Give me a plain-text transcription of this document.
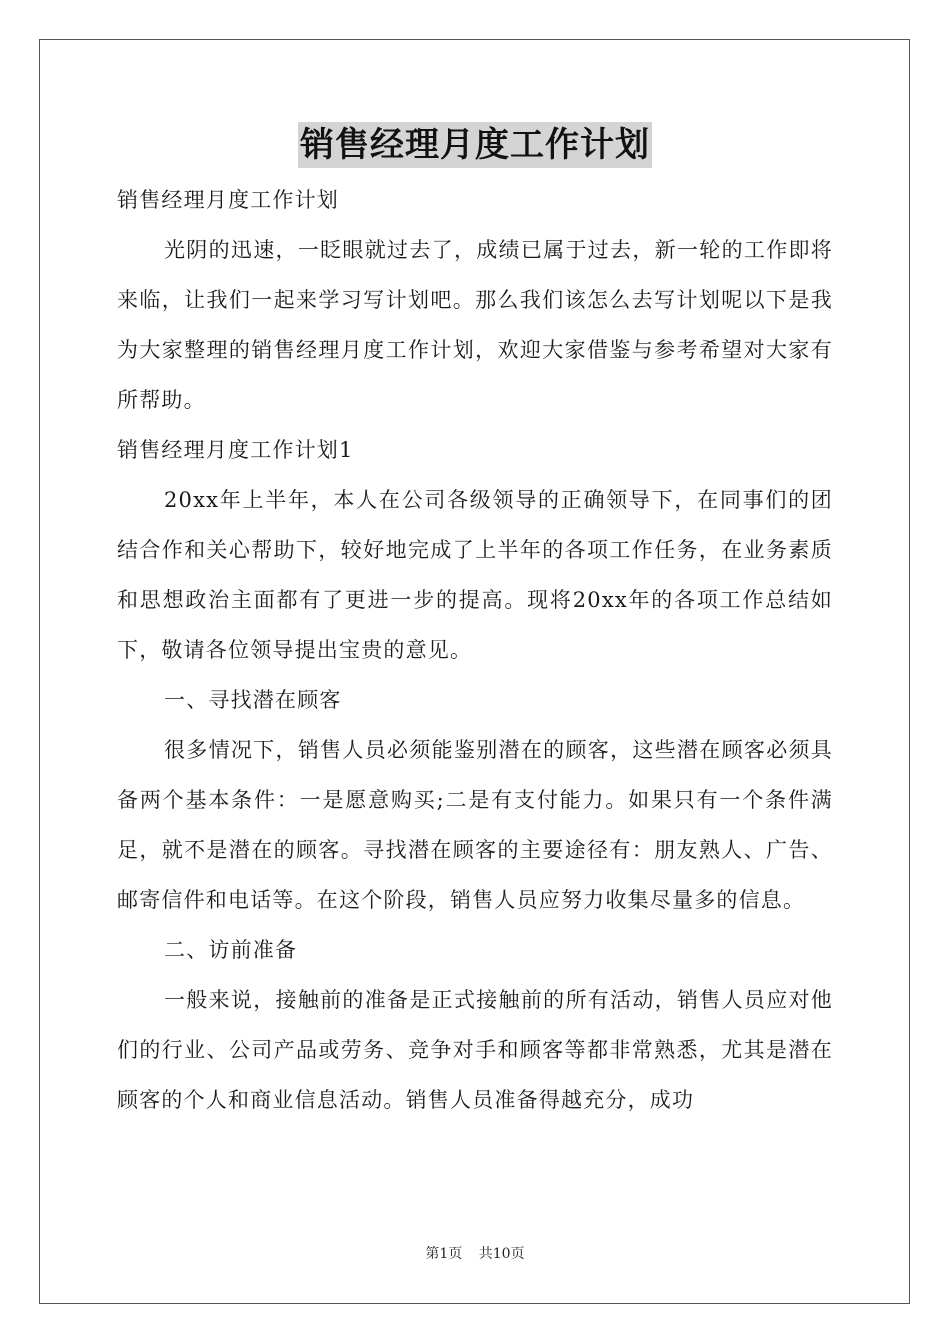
销售经理月度工作计划

销售经理月度工作计划

光阴的迅速，一眨眼就过去了，成绩已属于过去，新一轮的工作即将来临，让我们一起来学习写计划吧。那么我们该怎么去写计划呢以下是我为大家整理的销售经理月度工作计划，欢迎大家借鉴与参考希望对大家有所帮助。

销售经理月度工作计划1

20xx年上半年，本人在公司各级领导的正确领导下，在同事们的团结合作和关心帮助下，较好地完成了上半年的各项工作任务，在业务素质和思想政治主面都有了更进一步的提高。现将20xx年的各项工作总结如下，敬请各位领导提出宝贵的意见。

一、寻找潜在顾客

很多情况下，销售人员必须能鉴别潜在的顾客，这些潜在顾客必须具备两个基本条件：一是愿意购买;二是有支付能力。如果只有一个条件满足，就不是潜在的顾客。寻找潜在顾客的主要途径有：朋友熟人、广告、邮寄信件和电话等。在这个阶段，销售人员应努力收集尽量多的信息。

二、访前准备

一般来说，接触前的准备是正式接触前的所有活动，销售人员应对他们的行业、公司产品或劳务、竞争对手和顾客等都非常熟悉，尤其是潜在顾客的个人和商业信息活动。销售人员准备得越充分，成功

第1页 共10页
